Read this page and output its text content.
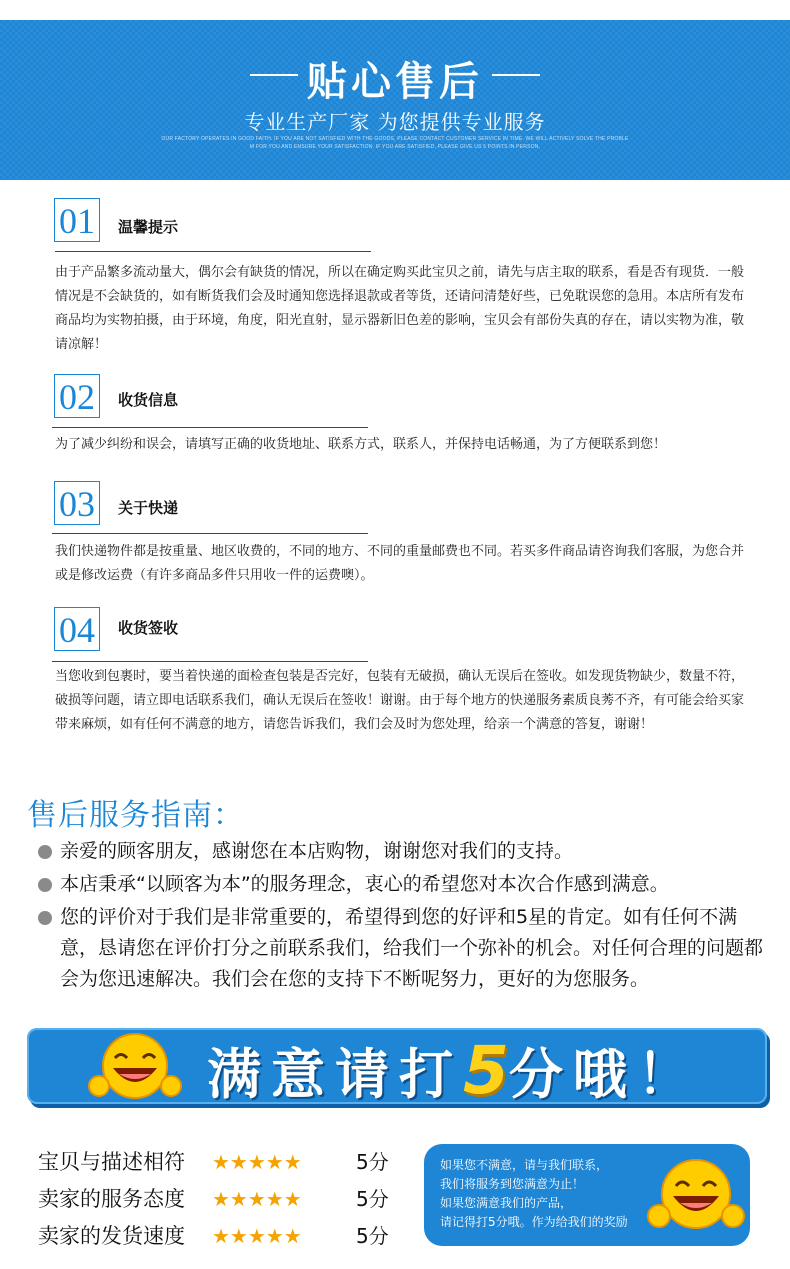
贴心售后
专业生产厂家 为您提供专业服务
OUR FACTORY OPERATES IN GOOD FAITH. IF YOU ARE NOT SATISFIED WITH THE GOODS, PLEASE CONTACT CUSTOMER SERVICE IN TIME. WE WILL ACTIVELY SOLVE THE PROBLE
M FOR YOU AND ENSURE YOUR SATISFACTION. IF YOU ARE SATISFIED, PLEASE GIVE US 5 POINTS IN PERSON.
01	温馨提示
由于产品繁多流动量大，偶尔会有缺货的情况，所以在确定购买此宝贝之前，请先与店主取的联系，看是否有现货．一般情况是不会缺货的，如有断货我们会及时通知您选择退款或者等货，还请问清楚好些，已免耽误您的急用。本店所有发布商品均为实物拍摄，由于环境，角度，阳光直射，显示器新旧色差的影响，宝贝会有部份失真的存在，请以实物为准，敬请凉解！
02	收货信息
为了减少纠纷和误会，请填写正确的收货地址、联系方式，联系人，并保持电话畅通，为了方便联系到您！
03	关于快递
我们快递物件都是按重量、地区收费的，不同的地方、不同的重量邮费也不同。若买多件商品请咨询我们客服，为您合并或是修改运费（有许多商品多件只用收一件的运费噢）。
04	收货签收
当您收到包裹时，要当着快递的面检查包装是否完好，包装有无破损，确认无误后在签收。如发现货物缺少，数量不符，破损等问题，请立即电话联系我们，确认无误后在签收！谢谢。由于每个地方的快递服务素质良莠不齐，有可能会给买家带来麻烦，如有任何不满意的地方，请您告诉我们，我们会及时为您处理，给亲一个满意的答复，谢谢！
售后服务指南：
亲爱的顾客朋友，感谢您在本店购物，谢谢您对我们的支持。
本店秉承“以顾客为本”的服务理念，衷心的希望您对本次合作感到满意。
您的评价对于我们是非常重要的，希望得到您的好评和5星的肯定。如有任何不满意，恳请您在评价打分之前联系我们，给我们一个弥补的机会。对任何合理的问题都会为您迅速解决。我们会在您的支持下不断呢努力，更好的为您服务。
满意请打5分哦！
宝贝与描述相符 ★★★★★	5分
卖家的服务态度 ★★★★★	5分
卖家的发货速度 ★★★★★	5分
如果您不满意，请与我们联系，
我们将服务到您满意为止！
如果您满意我们的产品，
请记得打5分哦。作为给我们的奖励
